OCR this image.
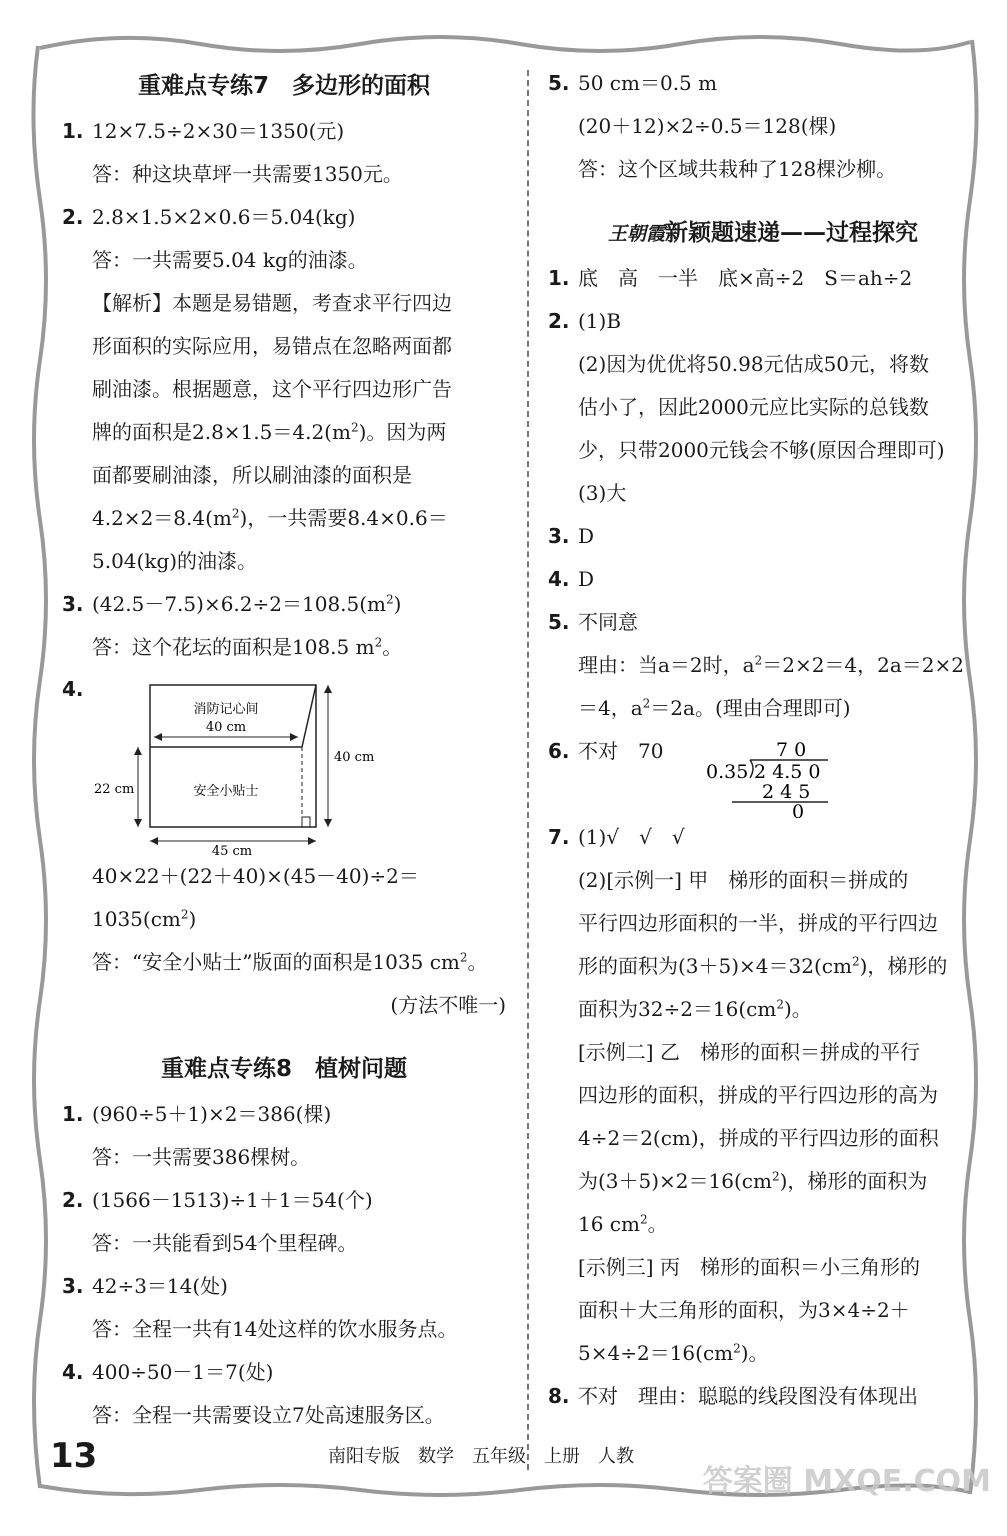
重难点专练7　多边形的面积
1. 12×7.5÷2×30＝1350(元)
答：种这块草坪一共需要1350元。
2. 2.8×1.5×2×0.6＝5.04(kg)
答：一共需要5.04 kg的油漆。
【解析】本题是易错题，考查求平行四边
形面积的实际应用，易错点在忽略两面都
刷油漆。根据题意，这个平行四边形广告
牌的面积是$2.8\times 1.5=4.2(m^2)$。因为两
面都要刷油漆，所以刷油漆的面积是
$4.2\times 2=8.4(m^2)$，一共需要8.4×0.6＝
5.04(kg)的油漆。
3. $(42.5-7.5)\times 6.2\div 2=108.5(m^2)$
答：这个花坛的面积是108.5 $m^2$。
4.
消防记心间
40 cm
安全小贴士
40 cm
22 cm
45 cm
40×22＋(22＋40)×(45－40)÷2＝
$1035(cm^2)$
答：“安全小贴士”版面的面积是1035 $cm^2$。
(方法不唯一)
重难点专练8　植树问题
1. (960÷5＋1)×2＝386(棵)
答：一共需要386棵树。
2. (1566－1513)÷1＋1＝54(个)
答：一共能看到54个里程碑。
3. 42÷3＝14(处)
答：全程一共有14处这样的饮水服务点。
4. 400÷50－1＝7(处)
答：全程一共需要设立7处高速服务区。
5. 50 cm＝0.5 m
(20＋12)×2÷0.5＝128(棵)
答：这个区域共栽种了128棵沙柳。
王朝霞新颖题速递——过程探究
1. 底　高　一半　底×高÷2　S＝ah÷2
2. (1)B
(2)因为优优将50.98元估成50元，将数
估小了，因此2000元应比实际的总钱数
少，只带2000元钱会不够(原因合理即可)
(3)大
3. D
4. D
5. 不同意
理由：当a＝2时，$a^2=2\times 2=4$，2a＝2×2
＝4，$a^2=2a$。(理由合理即可)
6. 不对　70	7 0
0.35 2 4.5 0
2 4 5
0
7. (1)√　√　√
(2)[示例一] 甲　梯形的面积＝拼成的
平行四边形面积的一半，拼成的平行四边
形的面积为$(3+5)\times 4=32(cm^2)$，梯形的
面积为$32\div 2=16(cm^2)$。
[示例二] 乙　梯形的面积＝拼成的平行
四边形的面积，拼成的平行四边形的高为
4÷2＝2(cm)，拼成的平行四边形的面积
为$(3+5)\times 2=16(cm^2)$，梯形的面积为
16 $cm^2$。
[示例三] 丙　梯形的面积＝小三角形的
面积＋大三角形的面积，为3×4÷2＋
$5\times 4\div 2=16(cm^2)$。
8. 不对　理由：聪聪的线段图没有体现出
13	南阳专版　数学　五年级　上册　人教
答案圈 MXQE.COM
